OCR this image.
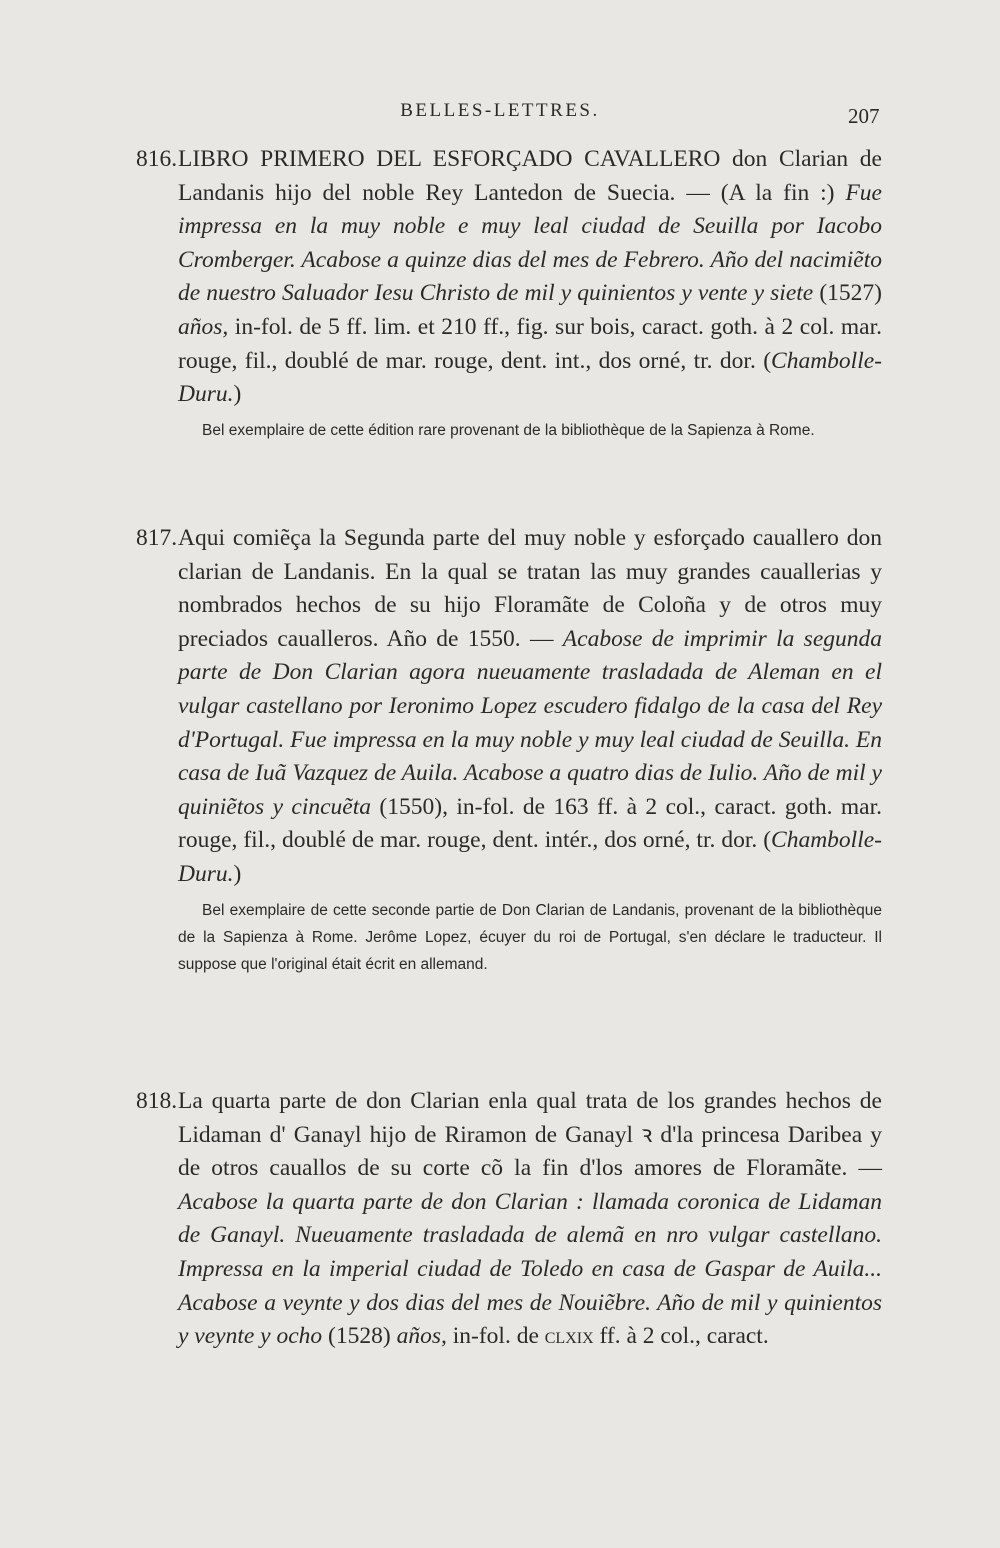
BELLES-LETTRES.	207
816.LIBRO PRIMERO DEL ESFORÇADO CAVALLERO don Clarian de Landanis hijo del noble Rey Lantedon de Suecia. — (A la fin :) Fue impressa en la muy noble e muy leal ciudad de Seuilla por Iacobo Cromberger. Acabose a quinze dias del mes de Febrero. Año del nacimiẽto de nuestro Saluador Iesu Christo de mil y quinientos y vente y siete (1527) años, in-fol. de 5 ff. lim. et 210 ff., fig. sur bois, caract. goth. à 2 col. mar. rouge, fil., doublé de mar. rouge, dent. int., dos orné, tr. dor. (Chambolle-Duru.)
Bel exemplaire de cette édition rare provenant de la bibliothèque de la Sapienza à Rome.
817.Aqui comiẽça la Segunda parte del muy noble y esforçado cauallero don clarian de Landanis. En la qual se tratan las muy grandes cauallerias y nombrados hechos de su hijo Floramãte de Coloña y de otros muy preciados caualleros. Año de 1550. — Acabose de imprimir la segunda parte de Don Clarian agora nueuamente trasladada de Aleman en el vulgar castellano por Ieronimo Lopez escudero fidalgo de la casa del Rey d'Portugal. Fue impressa en la muy noble y muy leal ciudad de Seuilla. En casa de Iuã Vazquez de Auila. Acabose a quatro dias de Iulio. Año de mil y quiniẽtos y cincuẽta (1550), in-fol. de 163 ff. à 2 col., caract. goth. mar. rouge, fil., doublé de mar. rouge, dent. intér., dos orné, tr. dor. (Chambolle-Duru.)
Bel exemplaire de cette seconde partie de Don Clarian de Landanis, provenant de la bibliothèque de la Sapienza à Rome. Jerôme Lopez, écuyer du roi de Portugal, s'en déclare le traducteur. Il suppose que l'original était écrit en allemand.
818.La quarta parte de don Clarian enla qual trata de los grandes hechos de Lidaman d' Ganayl hijo de Riramon de Ganayl ꝛ d'la princesa Daribea y de otros cauallos de su corte cõ la fin d'los amores de Floramãte. — Acabose la quarta parte de don Clarian : llamada coronica de Lidaman de Ganayl. Nueuamente trasladada de alemã en nro vulgar castellano. Impressa en la imperial ciudad de Toledo en casa de Gaspar de Auila... Acabose a veynte y dos dias del mes de Nouiẽbre. Año de mil y quinientos y veynte y ocho (1528) años, in-fol. de clxix ff. à 2 col., caract.
